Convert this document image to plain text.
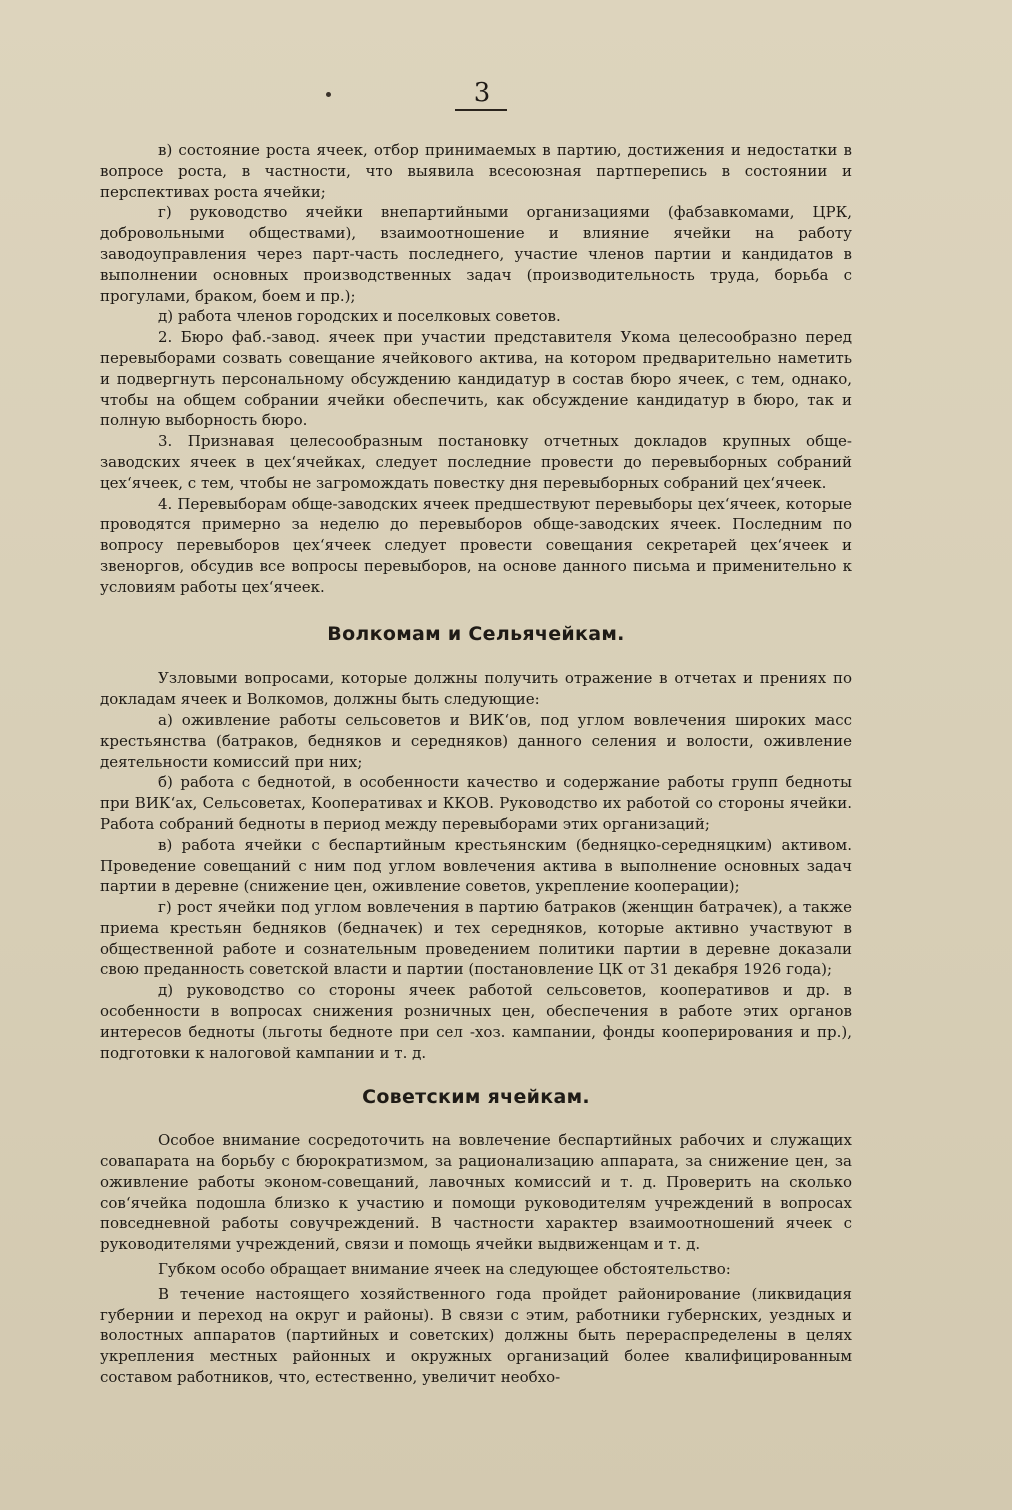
3

в) состояние роста ячеек, отбор принимаемых в партию, достижения и недостатки в вопросе роста, в частности, что выявила всесоюзная партперепись в состоянии и перспективах роста ячейки;

г) руководство ячейки внепартийными организациями (фабзавкомами, ЦРК, добровольными обществами), взаимоотношение и влияние ячейки на работу заводоуправления через парт-часть последнего, участие членов партии и кандидатов в выполнении основных производственных задач (производительность труда, борьба с прогулами, браком, боем и пр.);

д) работа членов городских и поселковых советов.

2. Бюро фаб.-завод. ячеек при участии представителя Укома целесообразно перед перевыборами созвать совещание ячейкового актива, на котором предварительно наметить и подвергнуть персональному обсуждению кандидатур в состав бюро ячеек, с тем, однако, чтобы на общем собрании ячейки обеспечить, как обсуждение кандидатур в бюро, так и полную выборность бюро.

3. Признавая целесообразным постановку отчетных докладов крупных обще-заводских ячеек в цех‘ячейках, следует последние провести до перевыборных собраний цех‘ячеек, с тем, чтобы не загромождать повестку дня перевыборных собраний цех‘ячеек.

4. Перевыборам обще-заводских ячеек предшествуют перевыборы цех‘ячеек, которые проводятся примерно за неделю до перевыборов обще-заводских ячеек. Последним по вопросу перевыборов цех‘ячеек следует провести совещания секретарей цех‘ячеек и звеноргов, обсудив все вопросы перевыборов, на основе данного письма и применительно к условиям работы цех‘ячеек.

Волкомам и Сельячейкам.

Узловыми вопросами, которые должны получить отражение в отчетах и прениях по докладам ячеек и Волкомов, должны быть следующие:

а) оживление работы сельсоветов и ВИК‘ов, под углом вовлечения широких масс крестьянства (батраков, бедняков и середняков) данного селения и волости, оживление деятельности комиссий при них;

б) работа с беднотой, в особенности качество и содержание работы групп бедноты при ВИК‘ах, Сельсоветах, Кооперативах и ККОВ. Руководство их работой со стороны ячейки. Работа собраний бедноты в период между перевыборами этих организаций;

в) работа ячейки с беспартийным крестьянским (бедняцко-середняцким) активом. Проведение совещаний с ним под углом вовлечения актива в выполнение основных задач партии в деревне (снижение цен, оживление советов, укрепление кооперации);

г) рост ячейки под углом вовлечения в партию батраков (женщин батрачек), а также приема крестьян бедняков (бедначек) и тех середняков, которые активно участвуют в общественной работе и сознательным проведением политики партии в деревне доказали свою преданность советской власти и партии (постановление ЦК от 31 декабря 1926 года);

д) руководство со стороны ячеек работой сельсоветов, кооперативов и др. в особенности в вопросах снижения розничных цен, обеспечения в работе этих органов интересов бедноты (льготы бедноте при сел -хоз. кампании, фонды кооперирования и пр.), подготовки к налоговой кампании и т. д.

Советским ячейкам.

Особое внимание сосредоточить на вовлечение беспартийных рабочих и служащих совапаратa на борьбу с бюрократизмом, за рационализацию аппарата, за снижение цен, за оживление работы эконом-совещаний, лавочных комиссий и т. д. Проверить на сколько сов‘ячейка подошла близко к участию и помощи руководителям учреждений в вопросах повседневной работы совучреждений. В частности характер взаимоотношений ячеек с руководителями учреждений, связи и помощь ячейки выдвиженцам и т. д.

Губком особо обращает внимание ячеек на следующее обстоятельство:

В течение настоящего хозяйственного года пройдет районирование (ликвидация губернии и переход на округ и районы). В связи с этим, работники губернских, уездных и волостных аппаратов (партийных и советских) должны быть перераспределены в целях укрепления местных районных и окружных организаций более квалифицированным составом работников, что, естественно, увеличит необхо-
